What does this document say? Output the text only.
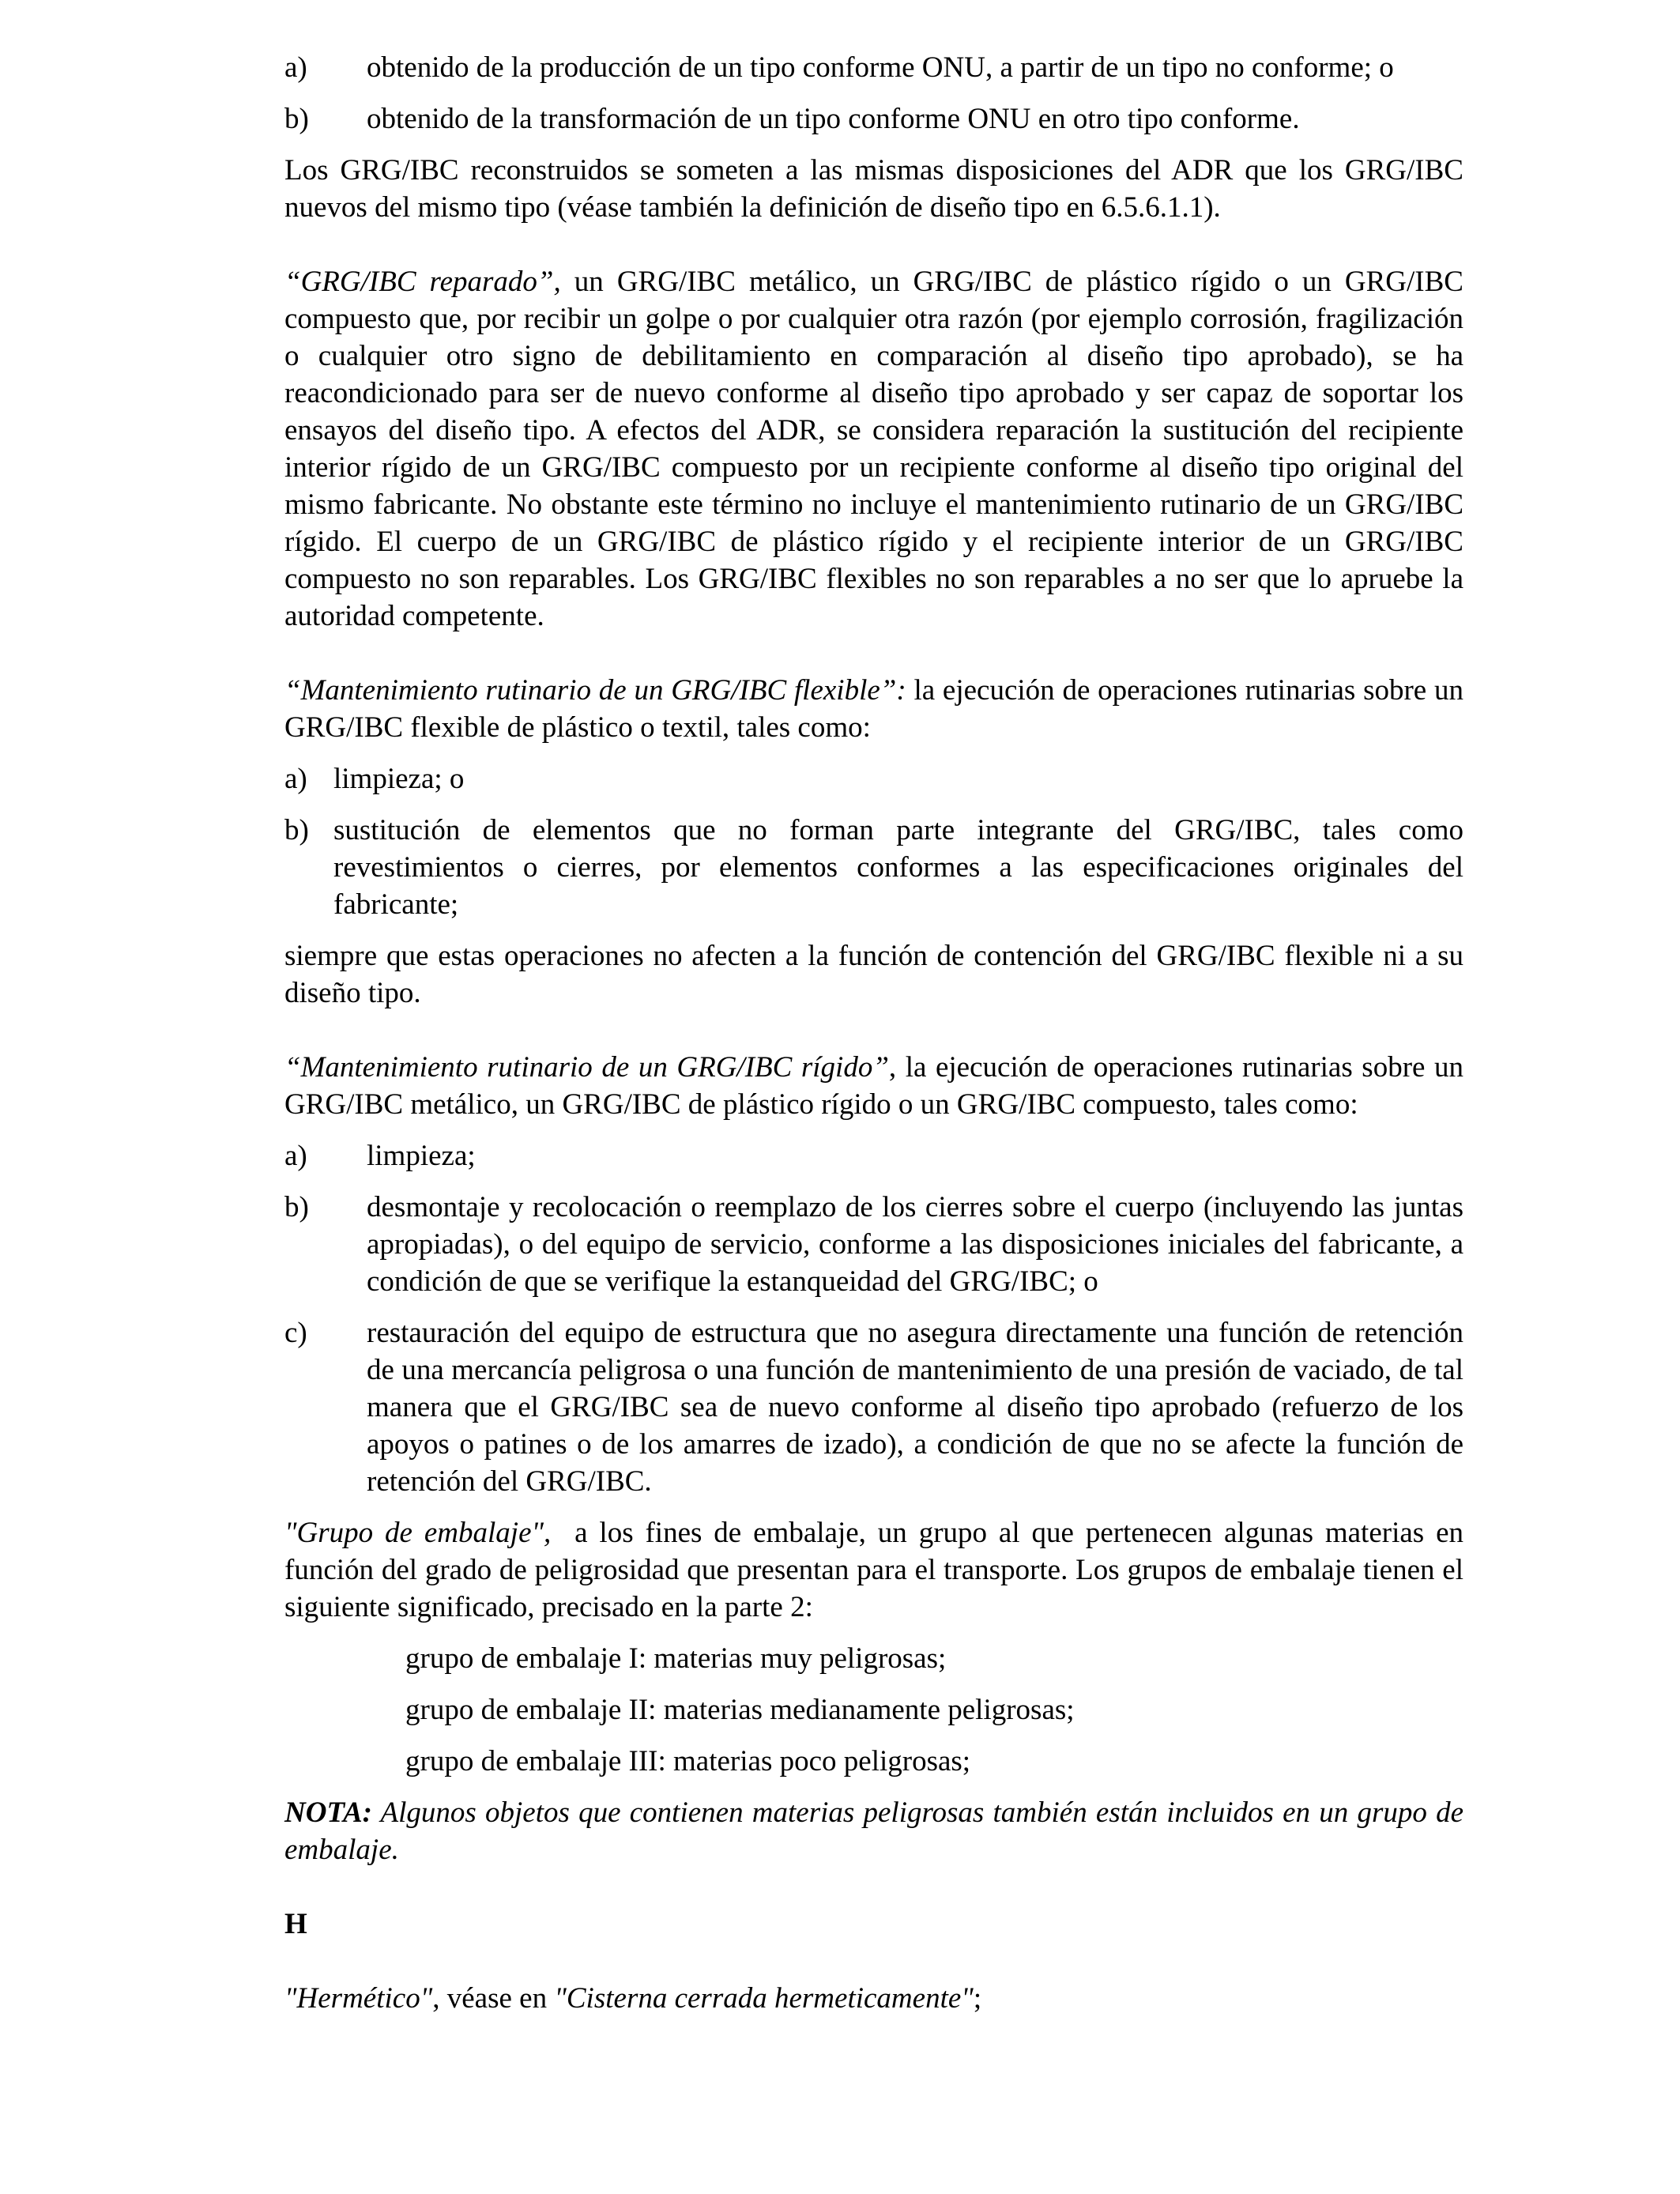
a)	obtenido de la producción de un tipo conforme ONU, a partir de un tipo no conforme; o
b)	obtenido de la transformación de un tipo conforme ONU en otro tipo conforme.

Los GRG/IBC reconstruidos se someten a las mismas disposiciones del ADR que los GRG/IBC nuevos del mismo tipo (véase también la definición de diseño tipo en 6.5.6.1.1).

“GRG/IBC reparado”, un GRG/IBC metálico, un GRG/IBC de plástico rígido o un GRG/IBC compuesto que, por recibir un golpe o por cualquier otra razón (por ejemplo corrosión, fragilización o cualquier otro signo de debilitamiento en comparación al diseño tipo aprobado), se ha reacondicionado para ser de nuevo conforme al diseño tipo aprobado y ser capaz de soportar los ensayos del diseño tipo. A efectos del ADR, se considera reparación la sustitución del recipiente interior rígido de un GRG/IBC compuesto por un recipiente conforme al diseño tipo original del mismo fabricante. No obstante este término no incluye el mantenimiento rutinario de un GRG/IBC rígido. El cuerpo de un GRG/IBC de plástico rígido y el recipiente interior de un GRG/IBC compuesto no son reparables. Los GRG/IBC flexibles no son reparables a no ser que lo apruebe la autoridad competente.

“Mantenimiento rutinario de un GRG/IBC flexible”: la ejecución de operaciones rutinarias sobre un GRG/IBC flexible de plástico o textil, tales como:

a) limpieza; o
b) sustitución de elementos que no forman parte integrante del GRG/IBC, tales como revestimientos o cierres, por elementos conformes a las especificaciones originales del fabricante;

siempre que estas operaciones no afecten a la función de contención del GRG/IBC flexible ni a su diseño tipo.

“Mantenimiento rutinario de un GRG/IBC rígido”, la ejecución de operaciones rutinarias sobre un GRG/IBC metálico, un GRG/IBC de plástico rígido o un GRG/IBC compuesto, tales como:

a)	limpieza;
b)	desmontaje y recolocación o reemplazo de los cierres sobre el cuerpo (incluyendo las juntas apropiadas), o del equipo de servicio, conforme a las disposiciones iniciales del fabricante, a condición de que se verifique la estanqueidad del GRG/IBC; o
c)	restauración del equipo de estructura que no asegura directamente una función de retención de una mercancía peligrosa o una función de mantenimiento de una presión de vaciado, de tal manera que el GRG/IBC sea de nuevo conforme al diseño tipo aprobado (refuerzo de los apoyos o patines o de los amarres de izado), a condición de que no se afecte la función de retención del GRG/IBC.

"Grupo de embalaje",  a los fines de embalaje, un grupo al que pertenecen algunas materias en función del grado de peligrosidad que presentan para el transporte. Los grupos de embalaje tienen el siguiente significado, precisado en la parte 2:

grupo de embalaje I: materias muy peligrosas;

grupo de embalaje II: materias medianamente peligrosas;

grupo de embalaje III: materias poco peligrosas;

NOTA: Algunos objetos que contienen materias peligrosas también están incluidos en un grupo de embalaje.

H

"Hermético", véase en "Cisterna cerrada hermeticamente";
